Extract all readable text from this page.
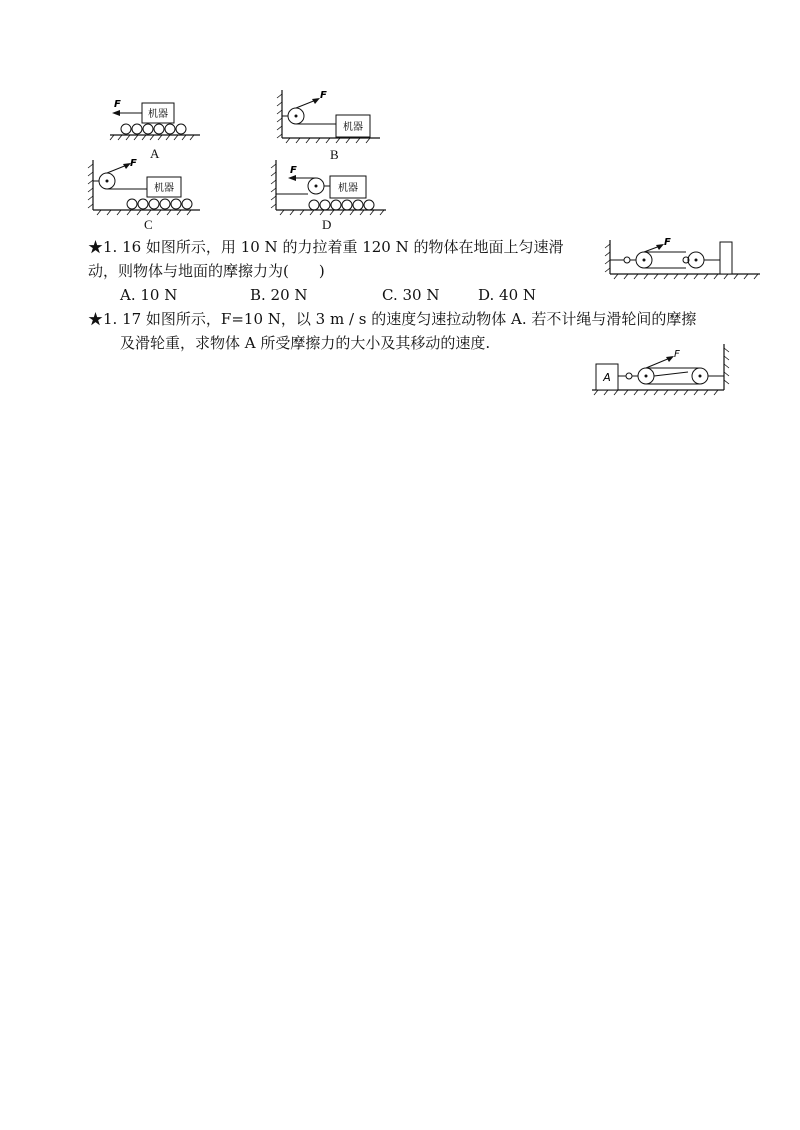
机器
F
A
F
机器
B
F
机器
C
F
机器
D
★1. 16 如图所示，用 10 N 的力拉着重 120 N 的物体在地面上匀速滑
动，则物体与地面的摩擦力为(　　)
A. 10 N	B. 20 N	C. 30 N	D. 40 N
F
★1. 17 如图所示，F=10 N，以 3 m / s 的速度匀速拉动物体 A. 若不计绳与滑轮间的摩擦
及滑轮重，求物体 A 所受摩擦力的大小及其移动的速度.
A
F
